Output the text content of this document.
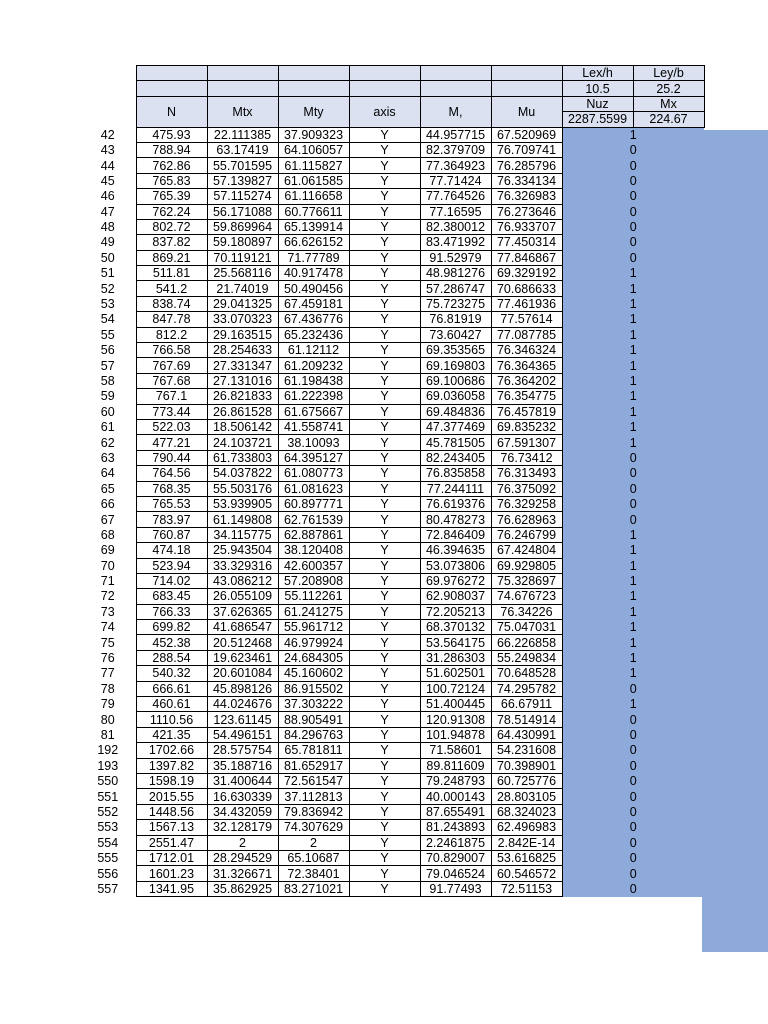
							Lex/h	Ley/b
							10.5	25.2
	N	Mtx	Mty	axis	M,	Mu	Nuz	Mx
							2287.5599	224.67
42	475.93	22.111385	37.909323	Y	44.957715	67.520969	1	
43	788.94	63.17419	64.106057	Y	82.379709	76.709741	0	
44	762.86	55.701595	61.115827	Y	77.364923	76.285796	0	
45	765.83	57.139827	61.061585	Y	77.71424	76.334134	0	
46	765.39	57.115274	61.116658	Y	77.764526	76.326983	0	
47	762.24	56.171088	60.776611	Y	77.16595	76.273646	0	
48	802.72	59.869964	65.139914	Y	82.380012	76.933707	0	
49	837.82	59.180897	66.626152	Y	83.471992	77.450314	0	
50	869.21	70.119121	71.77789	Y	91.52979	77.846867	0	
51	511.81	25.568116	40.917478	Y	48.981276	69.329192	1	
52	541.2	21.74019	50.490456	Y	57.286747	70.686633	1	
53	838.74	29.041325	67.459181	Y	75.723275	77.461936	1	
54	847.78	33.070323	67.436776	Y	76.81919	77.57614	1	
55	812.2	29.163515	65.232436	Y	73.60427	77.087785	1	
56	766.58	28.254633	61.12112	Y	69.353565	76.346324	1	
57	767.69	27.331347	61.209232	Y	69.169803	76.364365	1	
58	767.68	27.131016	61.198438	Y	69.100686	76.364202	1	
59	767.1	26.821833	61.222398	Y	69.036058	76.354775	1	
60	773.44	26.861528	61.675667	Y	69.484836	76.457819	1	
61	522.03	18.506142	41.558741	Y	47.377469	69.835232	1	
62	477.21	24.103721	38.10093	Y	45.781505	67.591307	1	
63	790.44	61.733803	64.395127	Y	82.243405	76.73412	0	
64	764.56	54.037822	61.080773	Y	76.835858	76.313493	0	
65	768.35	55.503176	61.081623	Y	77.244111	76.375092	0	
66	765.53	53.939905	60.897771	Y	76.619376	76.329258	0	
67	783.97	61.149808	62.761539	Y	80.478273	76.628963	0	
68	760.87	34.115775	62.887861	Y	72.846409	76.246799	1	
69	474.18	25.943504	38.120408	Y	46.394635	67.424804	1	
70	523.94	33.329316	42.600357	Y	53.073806	69.929805	1	
71	714.02	43.086212	57.208908	Y	69.976272	75.328697	1	
72	683.45	26.055109	55.112261	Y	62.908037	74.676723	1	
73	766.33	37.626365	61.241275	Y	72.205213	76.34226	1	
74	699.82	41.686547	55.961712	Y	68.370132	75.047031	1	
75	452.38	20.512468	46.979924	Y	53.564175	66.226858	1	
76	288.54	19.623461	24.684305	Y	31.286303	55.249834	1	
77	540.32	20.601084	45.160602	Y	51.602501	70.648528	1	
78	666.61	45.898126	86.915502	Y	100.72124	74.295782	0	
79	460.61	44.024676	37.303222	Y	51.400445	66.67911	1	
80	1110.56	123.61145	88.905491	Y	120.91308	78.514914	0	
81	421.35	54.496151	84.296763	Y	101.94878	64.430991	0	
192	1702.66	28.575754	65.781811	Y	71.58601	54.231608	0	
193	1397.82	35.188716	81.652917	Y	89.811609	70.398901	0	
550	1598.19	31.400644	72.561547	Y	79.248793	60.725776	0	
551	2015.55	16.630339	37.112813	Y	40.000143	28.803105	0	
552	1448.56	34.432059	79.836942	Y	87.655491	68.324023	0	
553	1567.13	32.128179	74.307629	Y	81.243893	62.496983	0	
554	2551.47	2	2	Y	2.2461875	2.842E-14	0	
555	1712.01	28.294529	65.10687	Y	70.829007	53.616825	0	
556	1601.23	31.326671	72.38401	Y	79.046524	60.546572	0	
557	1341.95	35.862925	83.271021	Y	91.77493	72.51153	0	
